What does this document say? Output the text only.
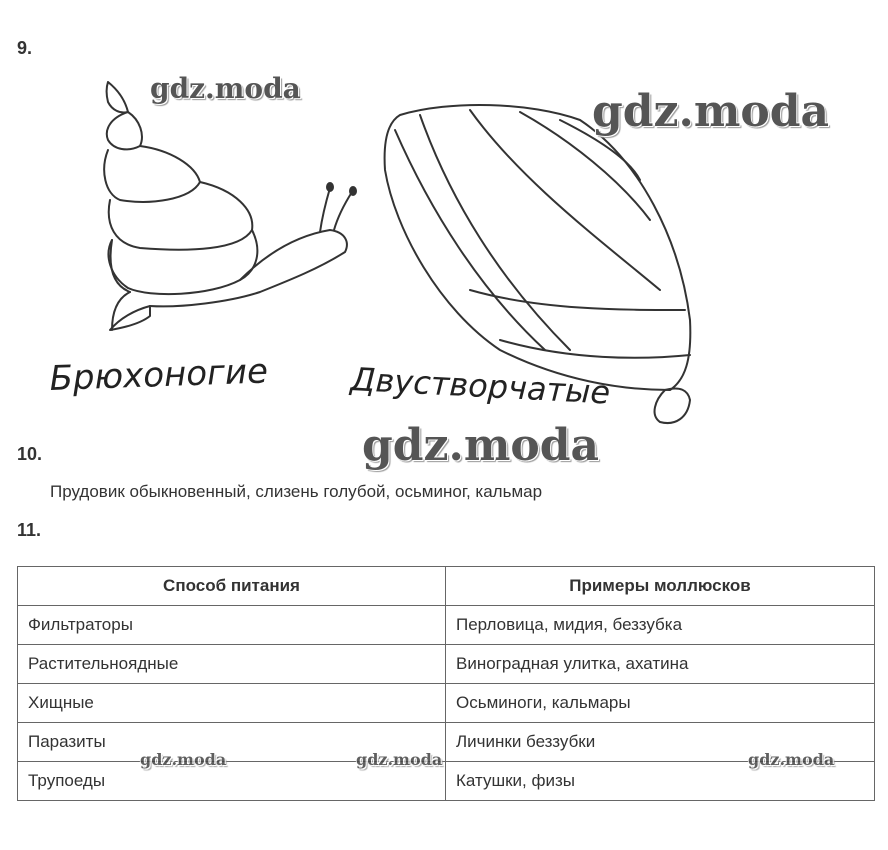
9.
Брюхоногие	Двустворчатые
gdz.moda	gdz.moda
gdz.moda
10.
Прудовик обыкновенный, слизень голубой, осьминог, кальмар
11.
Способ питания	Примеры моллюсков
Фильтраторы	Перловица, мидия, беззубка
Растительноядные	Виноградная улитка, ахатина
Хищные	Осьминоги, кальмары
Паразиты	Личинки беззубки
Трупоеды	Катушки, физы
gdz.moda	gdz.moda	gdz.moda
